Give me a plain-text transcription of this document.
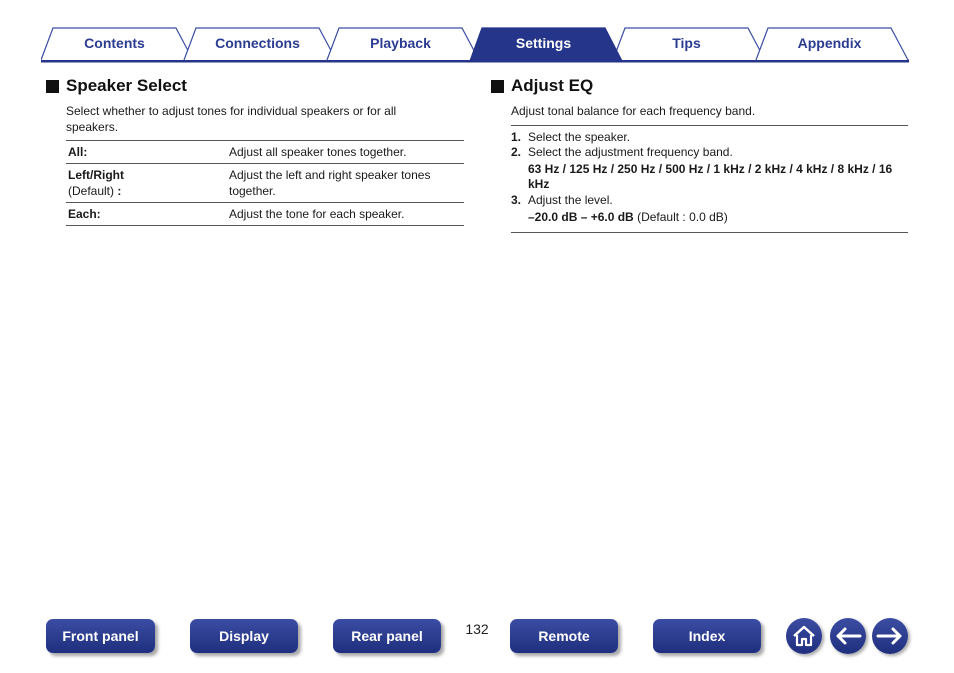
Contents	Connections	Playback	Settings	Tips	Appendix
Speaker Select
Select whether to adjust tones for individual speakers or for all speakers.
All:	Adjust all speaker tones together.
Left/Right
(Default) :	Adjust the left and right speaker tones together.
Each:	Adjust the tone for each speaker.
Adjust EQ
Adjust tonal balance for each frequency band.
1. Select the speaker.
2. Select the adjustment frequency band.
63 Hz / 125 Hz / 250 Hz / 500 Hz / 1 kHz / 2 kHz / 4 kHz / 8 kHz / 16 kHz
3. Adjust the level.
–20.0 dB – +6.0 dB (Default : 0.0 dB)
Front panel	Display	Rear panel	132	Remote	Index
